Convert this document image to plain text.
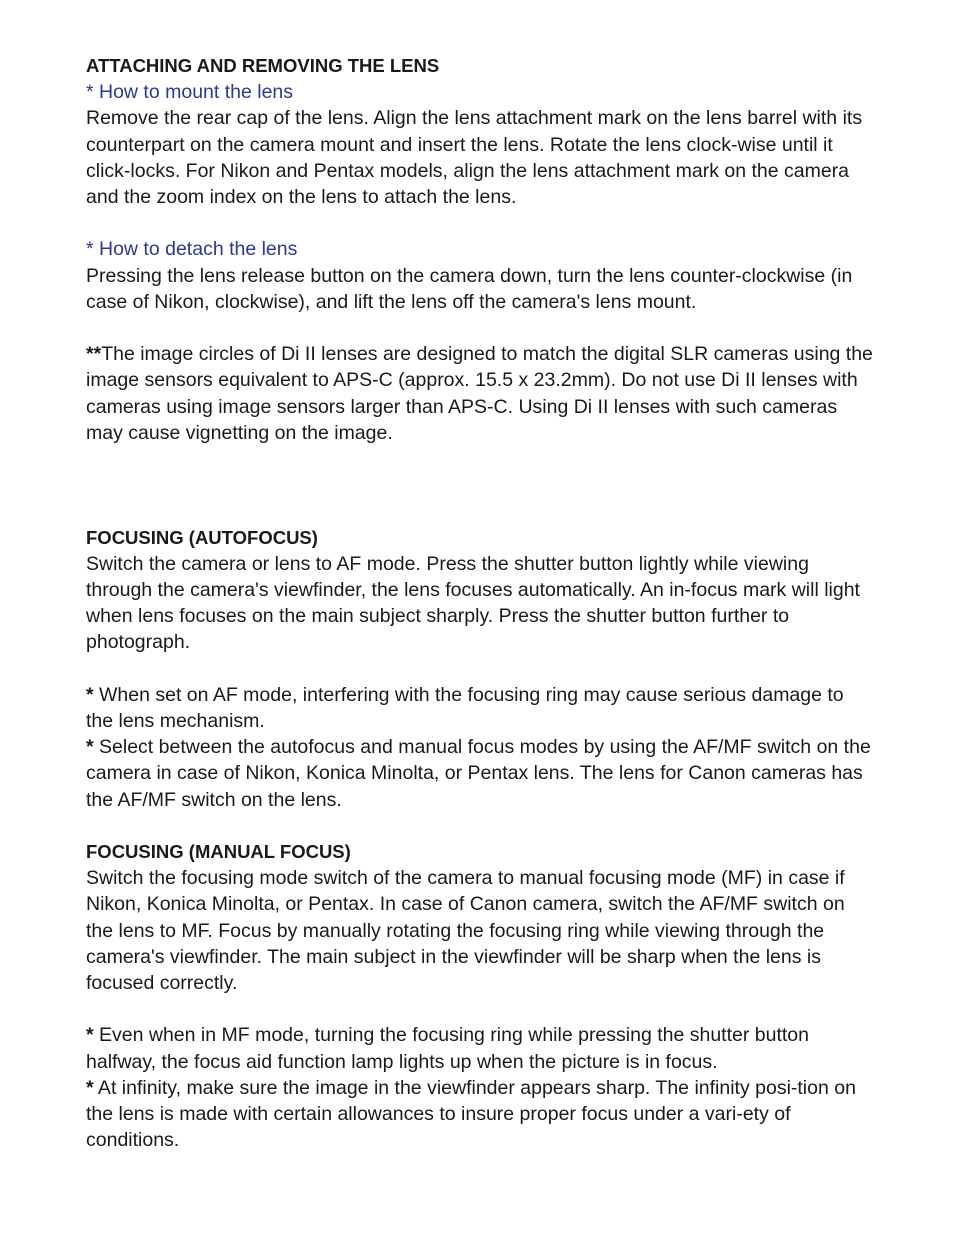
ATTACHING AND REMOVING THE LENS

* How to mount the lens

Remove the rear cap of the lens. Align the lens attachment mark on the lens barrel with its counterpart on the camera mount and insert the lens. Rotate the lens clock-wise until it click-locks. For Nikon and Pentax models, align the lens attachment mark on the camera and the zoom index on the lens to attach the lens.

* How to detach the lens

Pressing the lens release button on the camera down, turn the lens counter-clockwise (in case of Nikon, clockwise), and lift the lens off the camera's lens mount.

**The image circles of Di II lenses are designed to match the digital SLR cameras using the image sensors equivalent to APS-C (approx. 15.5 x 23.2mm). Do not use Di II lenses with cameras using image sensors larger than APS-C. Using Di II lenses with such cameras may cause vignetting on the image.

FOCUSING (AUTOFOCUS)

Switch the camera or lens to AF mode. Press the shutter button lightly while viewing through the camera's viewfinder, the lens focuses automatically. An in-focus mark will light when lens focuses on the main subject sharply. Press the shutter button further to photograph.

* When set on AF mode, interfering with the focusing ring may cause serious damage to the lens mechanism.

* Select between the autofocus and manual focus modes by using the AF/MF switch on the camera in case of Nikon, Konica Minolta, or Pentax lens. The lens for Canon cameras has the AF/MF switch on the lens.

FOCUSING (MANUAL FOCUS)

Switch the focusing mode switch of the camera to manual focusing mode (MF) in case if Nikon, Konica Minolta, or Pentax. In case of Canon camera, switch the AF/MF switch on the lens to MF. Focus by manually rotating the focusing ring while viewing through the camera's viewfinder. The main subject in the viewfinder will be sharp when the lens is focused correctly.

* Even when in MF mode, turning the focusing ring while pressing the shutter button halfway, the focus aid function lamp lights up when the picture is in focus.

* At infinity, make sure the image in the viewfinder appears sharp. The infinity posi-tion on the lens is made with certain allowances to insure proper focus under a vari-ety of conditions.
